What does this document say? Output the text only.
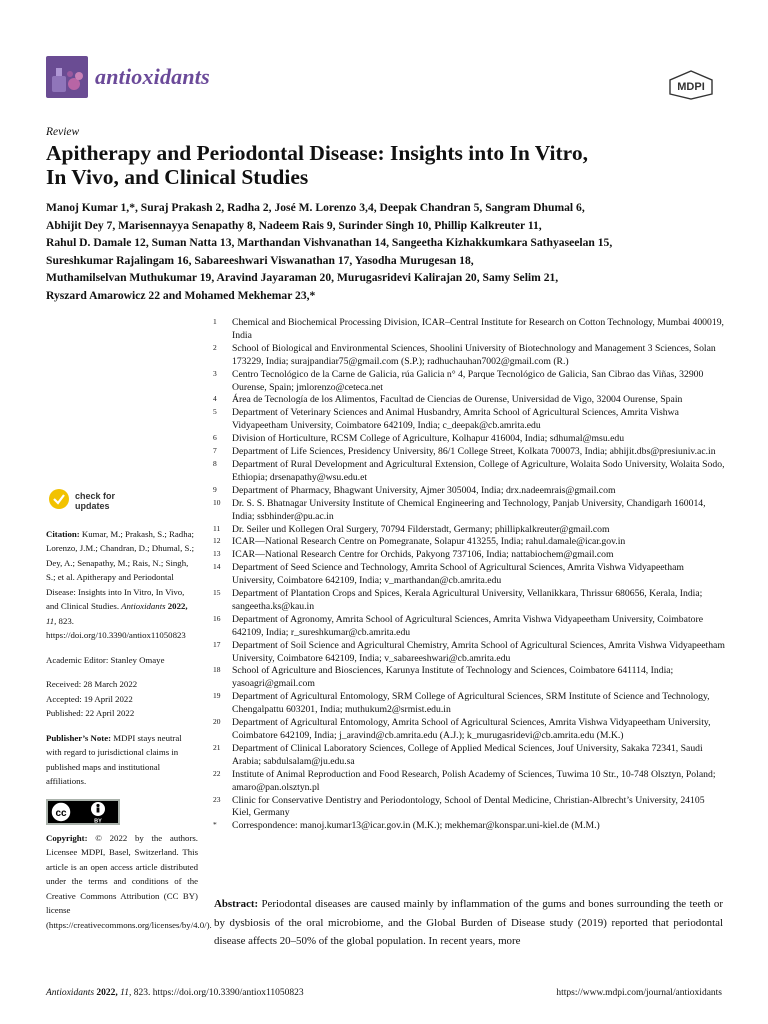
antioxidants	MDPI
Review
Apitherapy and Periodontal Disease: Insights into In Vitro,
In Vivo, and Clinical Studies
Manoj Kumar 1,*, Suraj Prakash 2, Radha 2, José M. Lorenzo 3,4, Deepak Chandran 5, Sangram Dhumal 6,
Abhijit Dey 7, Marisennayya Senapathy 8, Nadeem Rais 9, Surinder Singh 10, Phillip Kalkreuter 11,
Rahul D. Damale 12, Suman Natta 13, Marthandan Vishvanathan 14, Sangeetha Kizhakkumkara Sathyaseelan 15,
Sureshkumar Rajalingam 16, Sabareeshwari Viswanathan 17, Yasodha Murugesan 18,
Muthamilselvan Muthukumar 19, Aravind Jayaraman 20, Murugasridevi Kalirajan 20, Samy Selim 21,
Ryszard Amarowicz 22 and Mohamed Mekhemar 23,*
1 Chemical and Biochemical Processing Division, ICAR–Central Institute for Research on Cotton Technology, Mumbai 400019, India
2 School of Biological and Environmental Sciences, Shoolini University of Biotechnology and Management 3 Sciences, Solan 173229, India; surajpandiar75@gmail.com (S.P.); radhuchauhan7002@gmail.com (R.)
3 Centro Tecnológico de la Carne de Galicia, rúa Galicia n° 4, Parque Tecnológico de Galicia, San Cibrao das Viñas, 32900 Ourense, Spain; jmlorenzo@ceteca.net
4 Área de Tecnología de los Alimentos, Facultad de Ciencias de Ourense, Universidad de Vigo, 32004 Ourense, Spain
5 Department of Veterinary Sciences and Animal Husbandry, Amrita School of Agricultural Sciences, Amrita Vishwa Vidyapeetham University, Coimbatore 642109, India; c_deepak@cb.amrita.edu
6 Division of Horticulture, RCSM College of Agriculture, Kolhapur 416004, India; sdhumal@msu.edu
7 Department of Life Sciences, Presidency University, 86/1 College Street, Kolkata 700073, India; abhijit.dbs@presiuniv.ac.in
8 Department of Rural Development and Agricultural Extension, College of Agriculture, Wolaita Sodo University, Wolaita Sodo, Ethiopia; drsenapathy@wsu.edu.et
9 Department of Pharmacy, Bhagwant University, Ajmer 305004, India; drx.nadeemrais@gmail.com
10 Dr. S. S. Bhatnagar University Institute of Chemical Engineering and Technology, Panjab University, Chandigarh 160014, India; ssbhinder@pu.ac.in
11 Dr. Seiler und Kollegen Oral Surgery, 70794 Filderstadt, Germany; phillipkalkreuter@gmail.com
12 ICAR—National Research Centre on Pomegranate, Solapur 413255, India; rahul.damale@icar.gov.in
13 ICAR—National Research Centre for Orchids, Pakyong 737106, India; nattabiochem@gmail.com
14 Department of Seed Science and Technology, Amrita School of Agricultural Sciences, Amrita Vishwa Vidyapeetham University, Coimbatore 642109, India; v_marthandan@cb.amrita.edu
15 Department of Plantation Crops and Spices, Kerala Agricultural University, Vellanikkara, Thrissur 680656, Kerala, India; sangeetha.ks@kau.in
16 Department of Agronomy, Amrita School of Agricultural Sciences, Amrita Vishwa Vidyapeetham University, Coimbatore 642109, India; r_sureshkumar@cb.amrita.edu
17 Department of Soil Science and Agricultural Chemistry, Amrita School of Agricultural Sciences, Amrita Vishwa Vidyapeetham University, Coimbatore 642109, India; v_sabareeshwari@cb.amrita.edu
18 School of Agriculture and Biosciences, Karunya Institute of Technology and Sciences, Coimbatore 641114, India; yasoagri@gmail.com
19 Department of Agricultural Entomology, SRM College of Agricultural Sciences, SRM Institute of Science and Technology, Chengalpattu 603201, India; muthukum2@srmist.edu.in
20 Department of Agricultural Entomology, Amrita School of Agricultural Sciences, Amrita Vishwa Vidyapeetham University, Coimbatore 642109, India; j_aravind@cb.amrita.edu (A.J.); k_murugasridevi@cb.amrita.edu (M.K.)
21 Department of Clinical Laboratory Sciences, College of Applied Medical Sciences, Jouf University, Sakaka 72341, Saudi Arabia; sabdulsalam@ju.edu.sa
22 Institute of Animal Reproduction and Food Research, Polish Academy of Sciences, Tuwima 10 Str., 10-748 Olsztyn, Poland; amaro@pan.olsztyn.pl
23 Clinic for Conservative Dentistry and Periodontology, School of Dental Medicine, Christian-Albrecht’s University, 24105 Kiel, Germany
* Correspondence: manoj.kumar13@icar.gov.in (M.K.); mekhemar@konspar.uni-kiel.de (M.M.)
check for
updates

Citation: Kumar, M.; Prakash, S.; Radha; Lorenzo, J.M.; Chandran, D.; Dhumal, S.; Dey, A.; Senapathy, M.; Rais, N.; Singh, S.; et al. Apitherapy and Periodontal Disease: Insights into In Vitro, In Vivo, and Clinical Studies. Antioxidants 2022, 11, 823. https://doi.org/10.3390/antiox11050823

Academic Editor: Stanley Omaye

Received: 28 March 2022
Accepted: 19 April 2022

Published: 22 April 2022

Publisher’s Note: MDPI stays neutral with regard to jurisdictional claims in published maps and institutional affiliations.

cc
BY

Copyright: © 2022 by the authors. Licensee MDPI, Basel, Switzerland. This article is an open access article distributed under the terms and conditions of the Creative Commons Attribution (CC BY) license (https://creativecommons.org/licenses/by/4.0/).

Abstract: Periodontal diseases are caused mainly by inflammation of the gums and bones surrounding the teeth or by dysbiosis of the oral microbiome, and the Global Burden of Disease study (2019) reported that periodontal disease affects 20–50% of the global population. In recent years, more

Antioxidants 2022, 11, 823. https://doi.org/10.3390/antiox11050823	https://www.mdpi.com/journal/antioxidants
